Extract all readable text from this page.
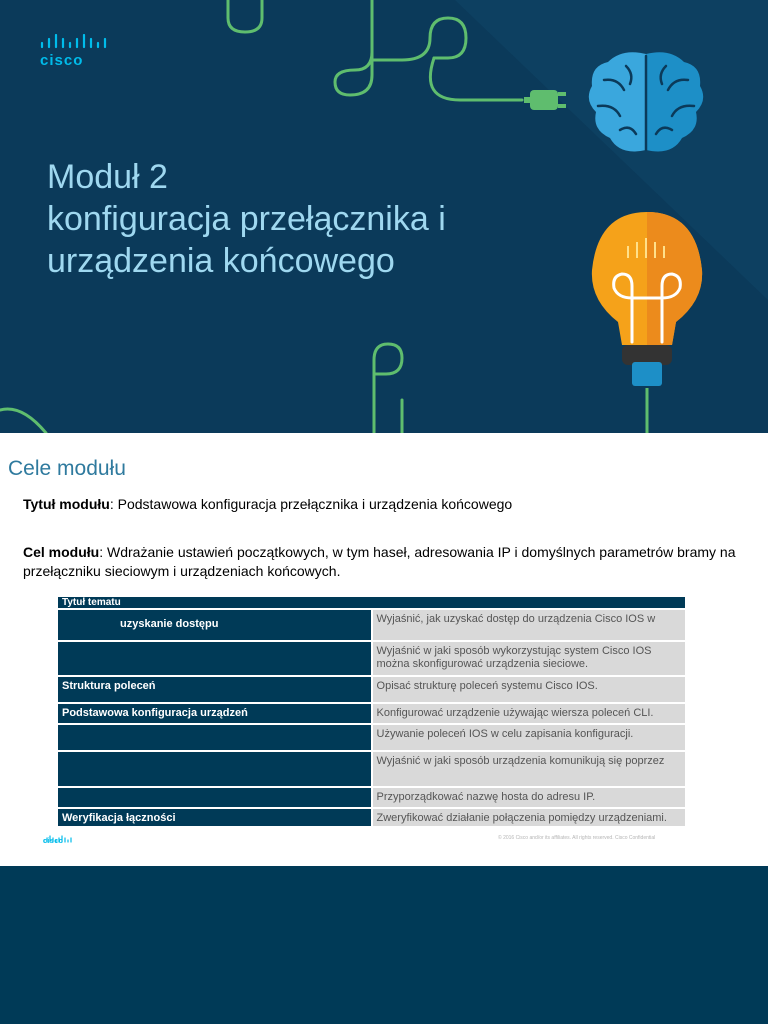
cisco
Moduł 2
konfiguracja przełącznika i
urządzenia końcowego
Cele modułu
Tytuł modułu: Podstawowa konfiguracja przełącznika i urządzenia końcowego
Cel modułu: Wdrażanie ustawień początkowych, w tym haseł, adresowania IP i domyślnych parametrów bramy na przełączniku sieciowym i urządzeniach końcowych.
Tytuł tematu	

uzyskanie dostępu	Wyjaśnić, jak uzyskać dostęp do urządzenia Cisco IOS w

	Wyjaśnić w jaki sposób wykorzystując system Cisco IOS można skonfigurować urządzenia sieciowe.

Struktura poleceń	Opisać strukturę poleceń systemu Cisco IOS.

Podstawowa konfiguracja urządzeń	Konfigurować urządzenie używając wiersza poleceń CLI.

	Używanie poleceń IOS w celu zapisania konfiguracji.

	Wyjaśnić w jaki sposób urządzenia komunikują się poprzez

	Przyporządkować nazwę hosta do adresu IP.

Weryfikacja łączności	Zweryfikować działanie połączenia pomiędzy urządzeniami.
cisco	© 2016 Cisco and/or its affiliates. All rights reserved. Cisco Confidential
